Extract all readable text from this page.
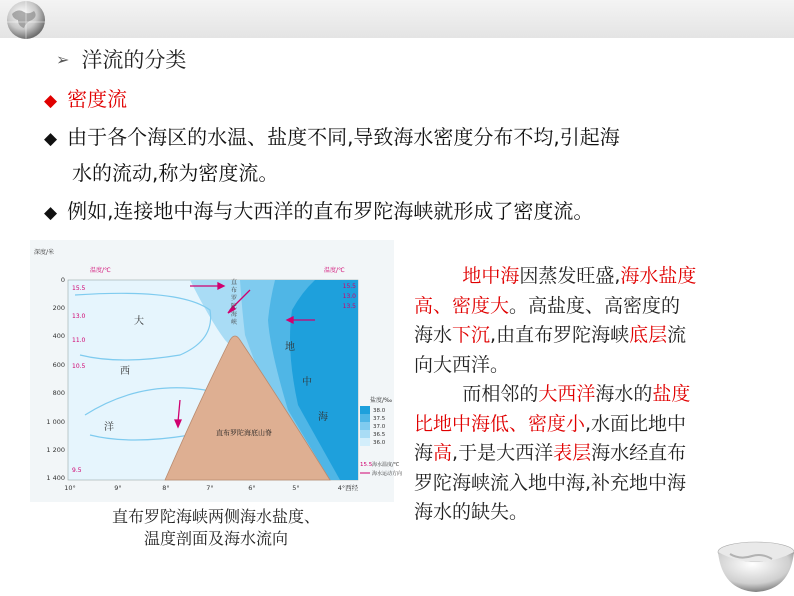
➢ 洋流的分类
◆ 密度流
◆ 由于各个海区的水温、盐度不同,导致海水密度分布不均,引起海
水的流动,称为密度流。
◆ 例如,连接地中海与大西洋的直布罗陀海峡就形成了密度流。
深度/米
温度/℃	温度/℃
0
200
400
600
800
1 000
1 200
1 400
10°	9°	8°	7°	6°	5°	4°西经
15.5
13.0
11.0
10.5
9.5
15.5
13.0
13.5
大
西
洋
地
中
海
直
布
罗
陀
海
峡
直布罗陀海底山脊
盐度/‰
38.0
37.5
37.0
36.5
36.0
15.5 海水温度/℃
海水运动方向
直布罗陀海峡两侧海水盐度、
温度剖面及海水流向
地中海因蒸发旺盛,海水盐度
高、密度大。高盐度、高密度的
海水下沉,由直布罗陀海峡底层流
向大西洋。
而相邻的大西洋海水的盐度
比地中海低、密度小,水面比地中
海高,于是大西洋表层海水经直布
罗陀海峡流入地中海,补充地中海
海水的缺失。
